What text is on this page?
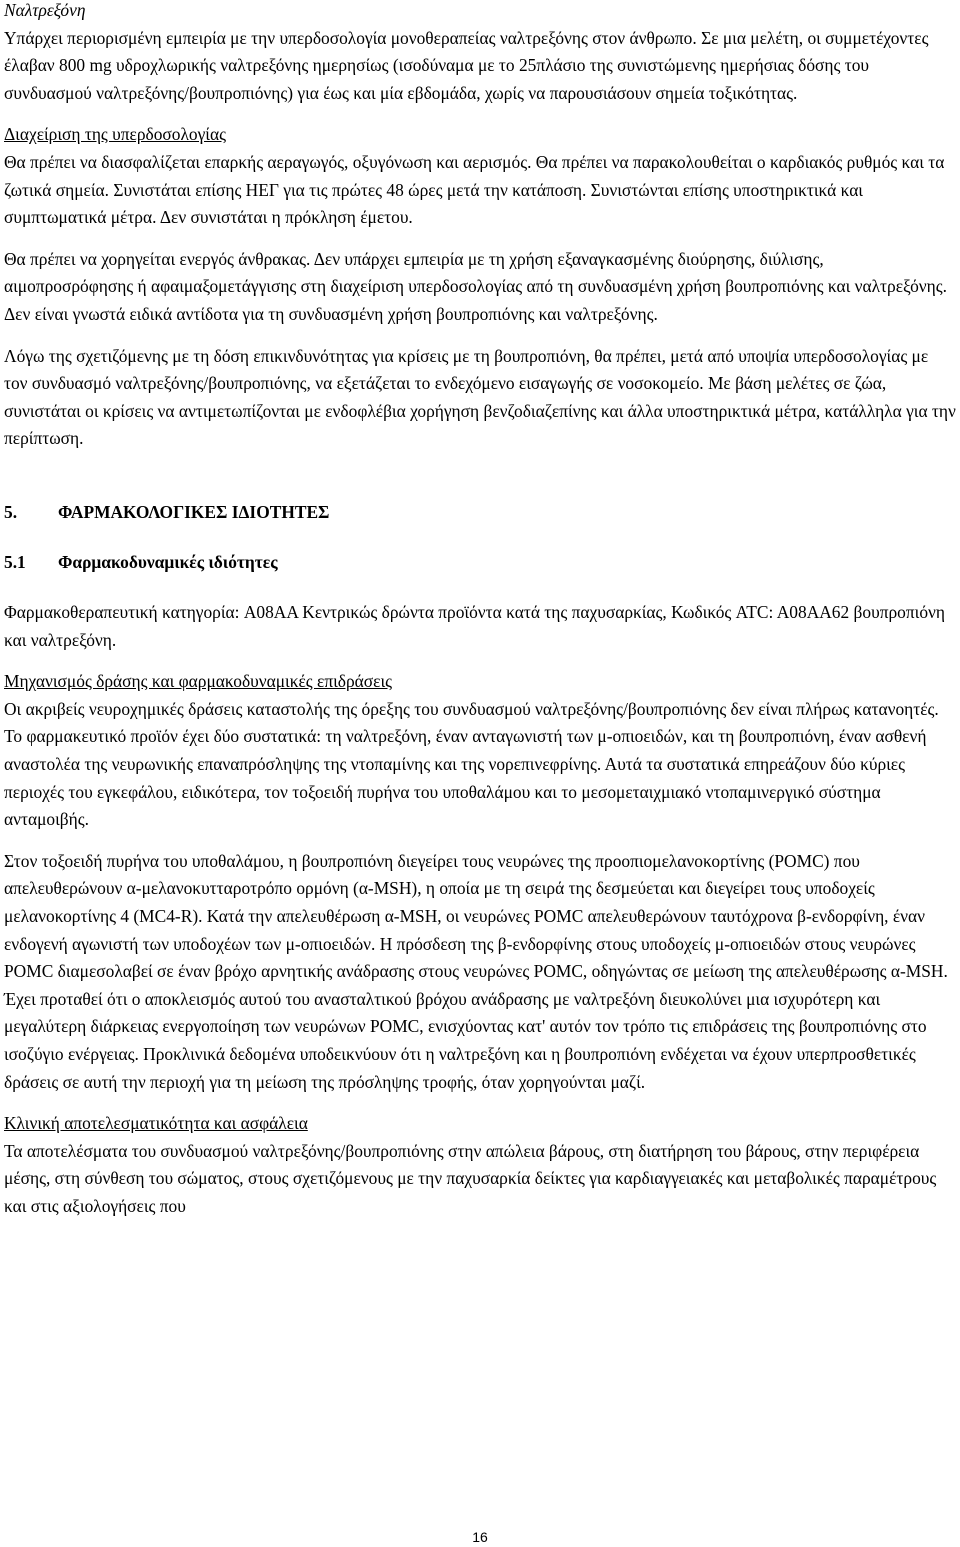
Ναλτρεξόνη

Υπάρχει περιορισμένη εμπειρία με την υπερδοσολογία μονοθεραπείας ναλτρεξόνης στον άνθρωπο. Σε μια μελέτη, οι συμμετέχοντες έλαβαν 800 mg υδροχλωρικής ναλτρεξόνης ημερησίως (ισοδύναμα με το 25πλάσιο της συνιστώμενης ημερήσιας δόσης του συνδυασμού ναλτρεξόνης/βουπροπιόνης) για έως και μία εβδομάδα, χωρίς να παρουσιάσουν σημεία τοξικότητας.

Διαχείριση της υπερδοσολογίας

Θα πρέπει να διασφαλίζεται επαρκής αεραγωγός, οξυγόνωση και αερισμός. Θα πρέπει να παρακολουθείται ο καρδιακός ρυθμός και τα ζωτικά σημεία. Συνιστάται επίσης ΗΕΓ για τις πρώτες 48 ώρες μετά την κατάποση. Συνιστώνται επίσης υποστηρικτικά και συμπτωματικά μέτρα. Δεν συνιστάται η πρόκληση έμετου.

Θα πρέπει να χορηγείται ενεργός άνθρακας. Δεν υπάρχει εμπειρία με τη χρήση εξαναγκασμένης διούρησης, διύλισης, αιμοπροσρόφησης ή αφαιμαξομετάγγισης στη διαχείριση υπερδοσολογίας από τη συνδυασμένη χρήση βουπροπιόνης και ναλτρεξόνης. Δεν είναι γνωστά ειδικά αντίδοτα για τη συνδυασμένη χρήση βουπροπιόνης και ναλτρεξόνης.

Λόγω της σχετιζόμενης με τη δόση επικινδυνότητας για κρίσεις με τη βουπροπιόνη, θα πρέπει, μετά από υποψία υπερδοσολογίας με τον συνδυασμό ναλτρεξόνης/βουπροπιόνης, να εξετάζεται το ενδεχόμενο εισαγωγής σε νοσοκομείο. Με βάση μελέτες σε ζώα, συνιστάται οι κρίσεις να αντιμετωπίζονται με ενδοφλέβια χορήγηση βενζοδιαζεπίνης και άλλα υποστηρικτικά μέτρα, κατάλληλα για την περίπτωση.

5.	ΦΑΡΜΑΚΟΛΟΓΙΚΕΣ ΙΔΙΟΤΗΤΕΣ
5.1	Φαρμακοδυναμικές ιδιότητες

Φαρμακοθεραπευτική κατηγορία: A08AA Κεντρικώς δρώντα προϊόντα κατά της παχυσαρκίας, Κωδικός ATC: A08AA62 βουπροπιόνη και ναλτρεξόνη.

Μηχανισμός δράσης και φαρμακοδυναμικές επιδράσεις

Οι ακριβείς νευροχημικές δράσεις καταστολής της όρεξης του συνδυασμού ναλτρεξόνης/βουπροπιόνης δεν είναι πλήρως κατανοητές. Το φαρμακευτικό προϊόν έχει δύο συστατικά: τη ναλτρεξόνη, έναν ανταγωνιστή των μ-οπιοειδών, και τη βουπροπιόνη, έναν ασθενή αναστολέα της νευρωνικής επαναπρόσληψης της ντοπαμίνης και της νορεπινεφρίνης. Αυτά τα συστατικά επηρεάζουν δύο κύριες περιοχές του εγκεφάλου, ειδικότερα, τον τοξοειδή πυρήνα του υποθαλάμου και το μεσομεταιχμιακό ντοπαμινεργικό σύστημα ανταμοιβής.

Στον τοξοειδή πυρήνα του υποθαλάμου, η βουπροπιόνη διεγείρει τους νευρώνες της προοπιομελανοκορτίνης (POMC) που απελευθερώνουν α-μελανοκυτταροτρόπο ορμόνη (α-MSH), η οποία με τη σειρά της δεσμεύεται και διεγείρει τους υποδοχείς μελανοκορτίνης 4 (MC4-R). Κατά την απελευθέρωση α-MSH, οι νευρώνες POMC απελευθερώνουν ταυτόχρονα β-ενδορφίνη, έναν ενδογενή αγωνιστή των υποδοχέων των μ-οπιοειδών. Η πρόσδεση της β-ενδορφίνης στους υποδοχείς μ-οπιοειδών στους νευρώνες POMC διαμεσολαβεί σε έναν βρόχο αρνητικής ανάδρασης στους νευρώνες POMC, οδηγώντας σε μείωση της απελευθέρωσης α-MSH. Έχει προταθεί ότι ο αποκλεισμός αυτού του ανασταλτικού βρόχου ανάδρασης με ναλτρεξόνη διευκολύνει μια ισχυρότερη και μεγαλύτερη διάρκειας ενεργοποίηση των νευρώνων POMC, ενισχύοντας κατ' αυτόν τον τρόπο τις επιδράσεις της βουπροπιόνης στο ισοζύγιο ενέργειας. Προκλινικά δεδομένα υποδεικνύουν ότι η ναλτρεξόνη και η βουπροπιόνη ενδέχεται να έχουν υπερπροσθετικές δράσεις σε αυτή την περιοχή για τη μείωση της πρόσληψης τροφής, όταν χορηγούνται μαζί.

Κλινική αποτελεσματικότητα και ασφάλεια

Τα αποτελέσματα του συνδυασμού ναλτρεξόνης/βουπροπιόνης στην απώλεια βάρους, στη διατήρηση του βάρους, στην περιφέρεια μέσης, στη σύνθεση του σώματος, στους σχετιζόμενους με την παχυσαρκία δείκτες για καρδιαγγειακές και μεταβολικές παραμέτρους και στις αξιολογήσεις που

16
